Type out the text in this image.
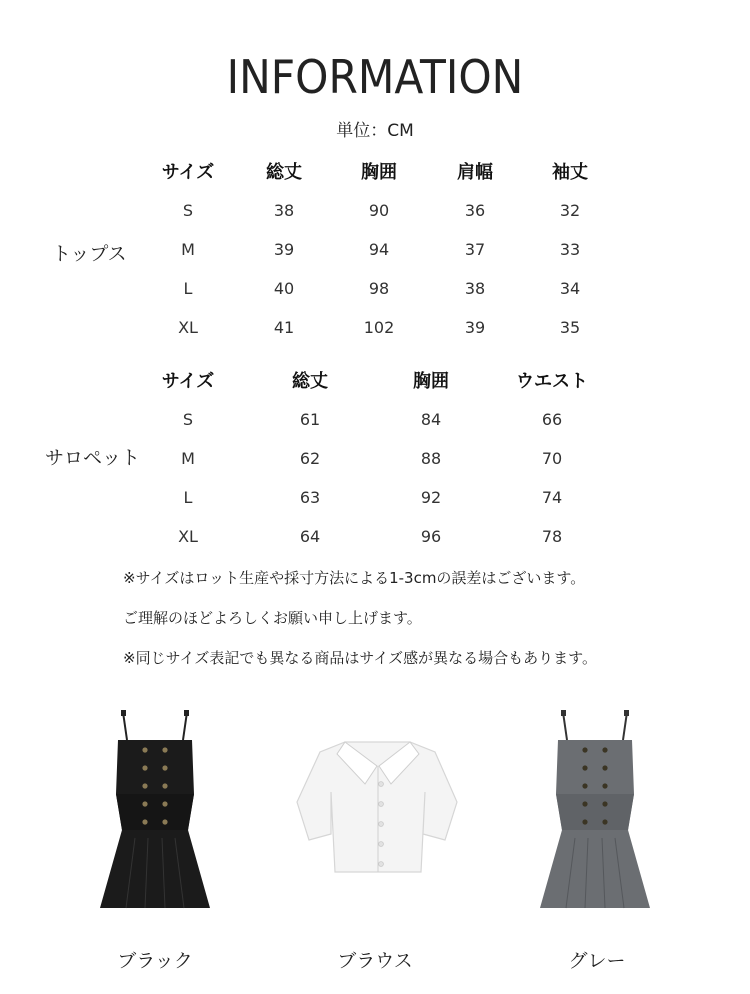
INFORMATION
単位：CM
トップス
サイズ	総丈	胸囲	肩幅	袖丈
S	38	90	36	32
M	39	94	37	33
L	40	98	38	34
XL	41	102	39	35
サロペット
サイズ	総丈	胸囲	ウエスト
S	61	84	66
M	62	88	70
L	63	92	74
XL	64	96	78
※サイズはロット生産や採寸方法による1-3cmの誤差はございます。
ご理解のほどよろしくお願い申し上げます。
※同じサイズ表記でも異なる商品はサイズ感が異なる場合もあります。
ブラック	ブラウス	グレー
